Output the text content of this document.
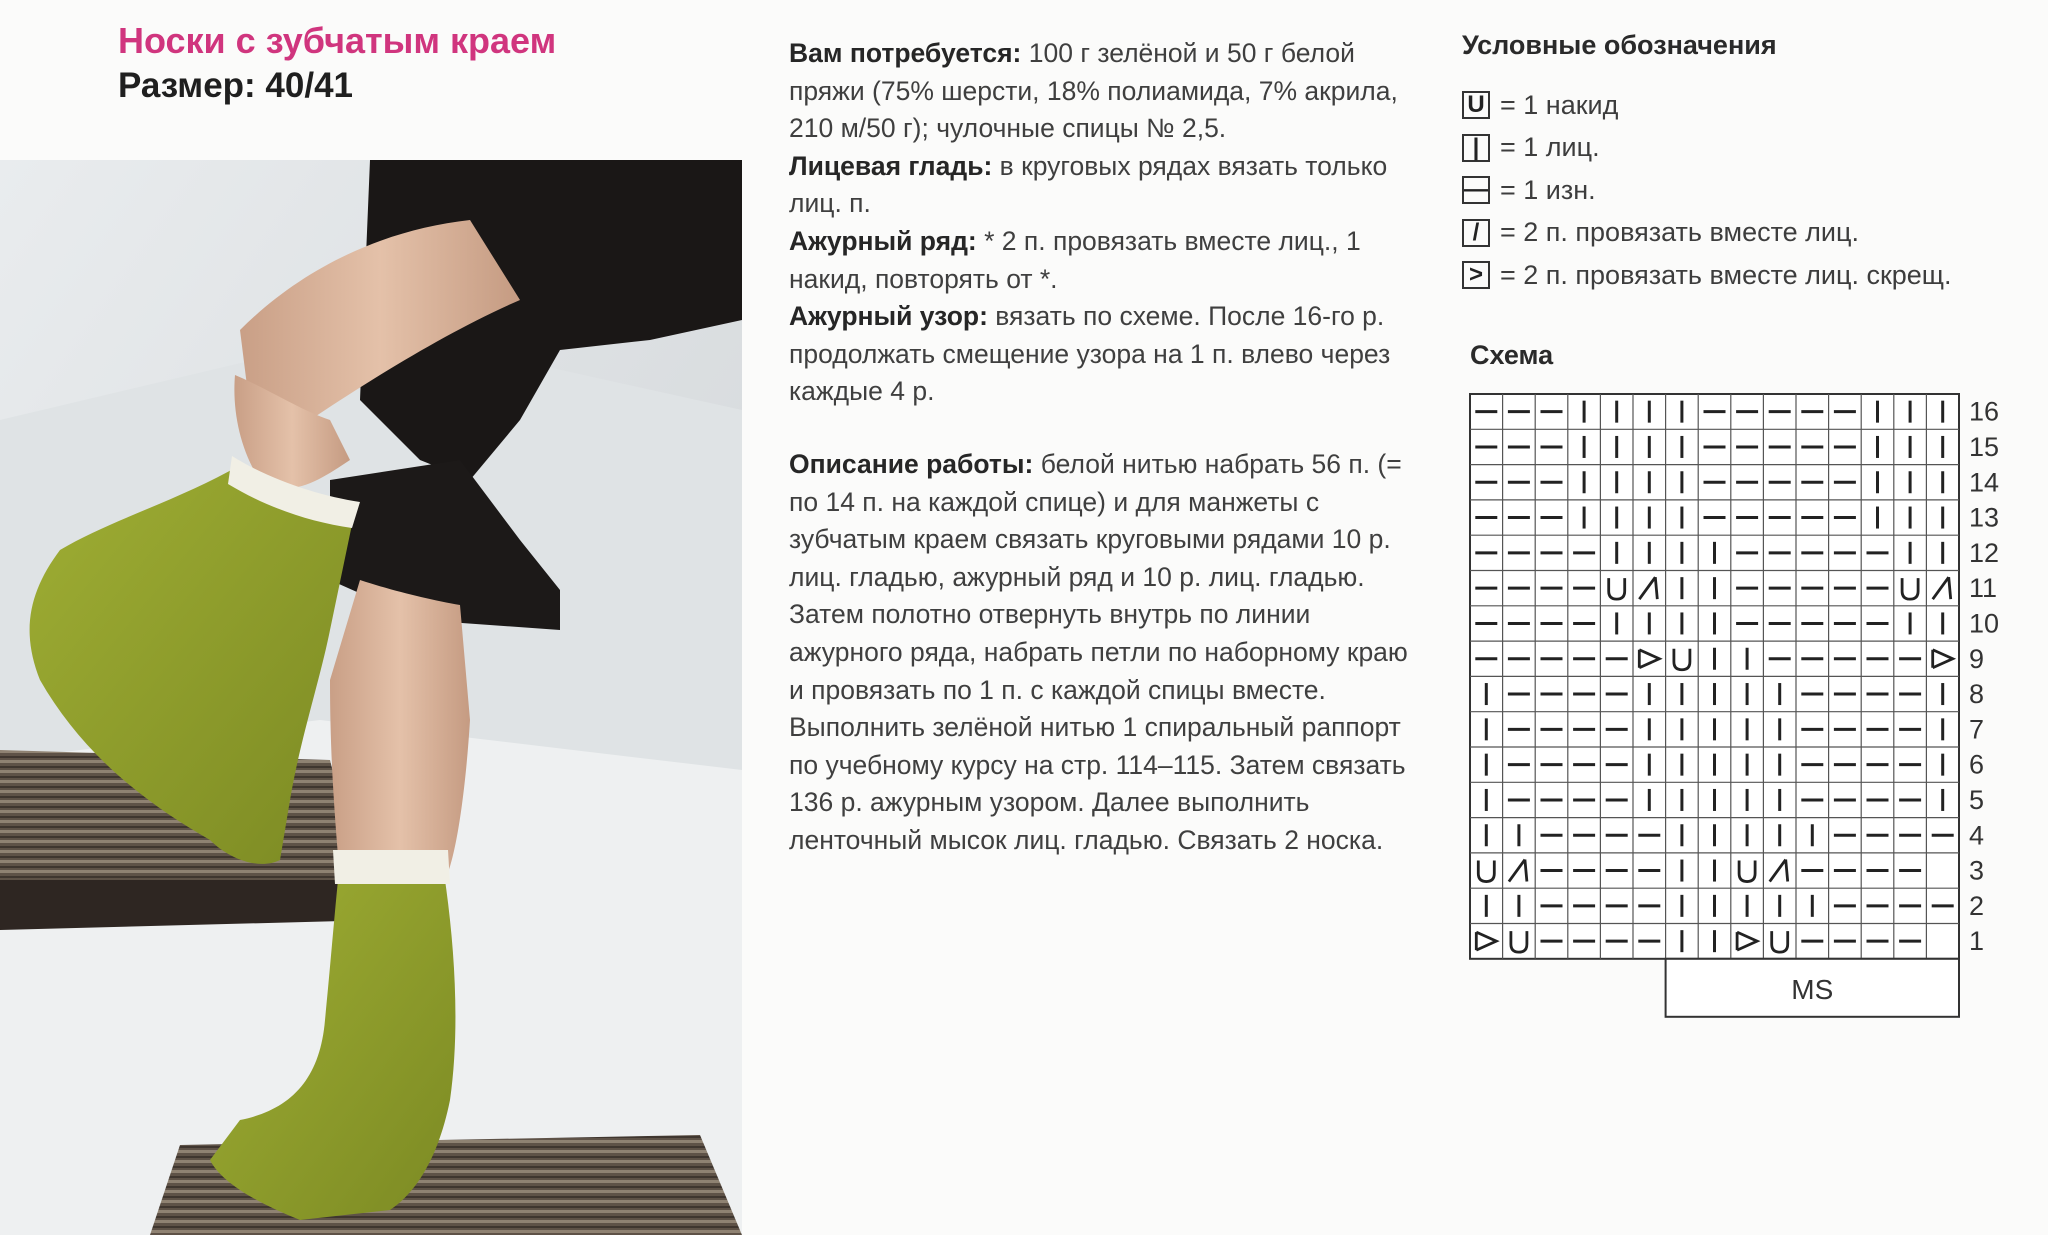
Носки с зубчатым краем
Размер: 40/41

Вам потребуется: 100 г зелёной и 50 г белой пряжи (75% шерсти, 18% полиамида, 7% акрила, 210 м/50 г); чулочные спицы № 2,5.

Лицевая гладь: в круговых рядах вязать только лиц. п.

Ажурный ряд: * 2 п. провязать вместе лиц., 1 накид, повторять от *.

Ажурный узор: вязать по схеме. После 16-го р. продолжать смещение узора на 1 п. влево через каждые 4 р.

Описание работы: белой нитью набрать 56 п. (= по 14 п. на каждой спице) и для манжеты с зубчатым краем связать круговыми рядами 10 р. лиц. гладью, ажурный ряд и 10 р. лиц. гладью. Затем полотно отвернуть внутрь по линии ажурного ряда, набрать петли по наборному краю и провязать по 1 п. с каждой спицы вместе. Выполнить зелёной нитью 1 спиральный раппорт по учебному курсу на стр. 114–115. Затем связать 136 р. ажурным узором. Далее выполнить ленточный мысок лиц. гладью. Связать 2 носка.

Условные обозначения
U = 1 накид
| = 1 лиц.
— = 1 изн.
/ = 2 п. провязать вместе лиц.
> = 2 п. провязать вместе лиц. скрещ.
Схема
16
15
14
13
12
11
10
9
8
7
6
5
4
3
2
1
MS
